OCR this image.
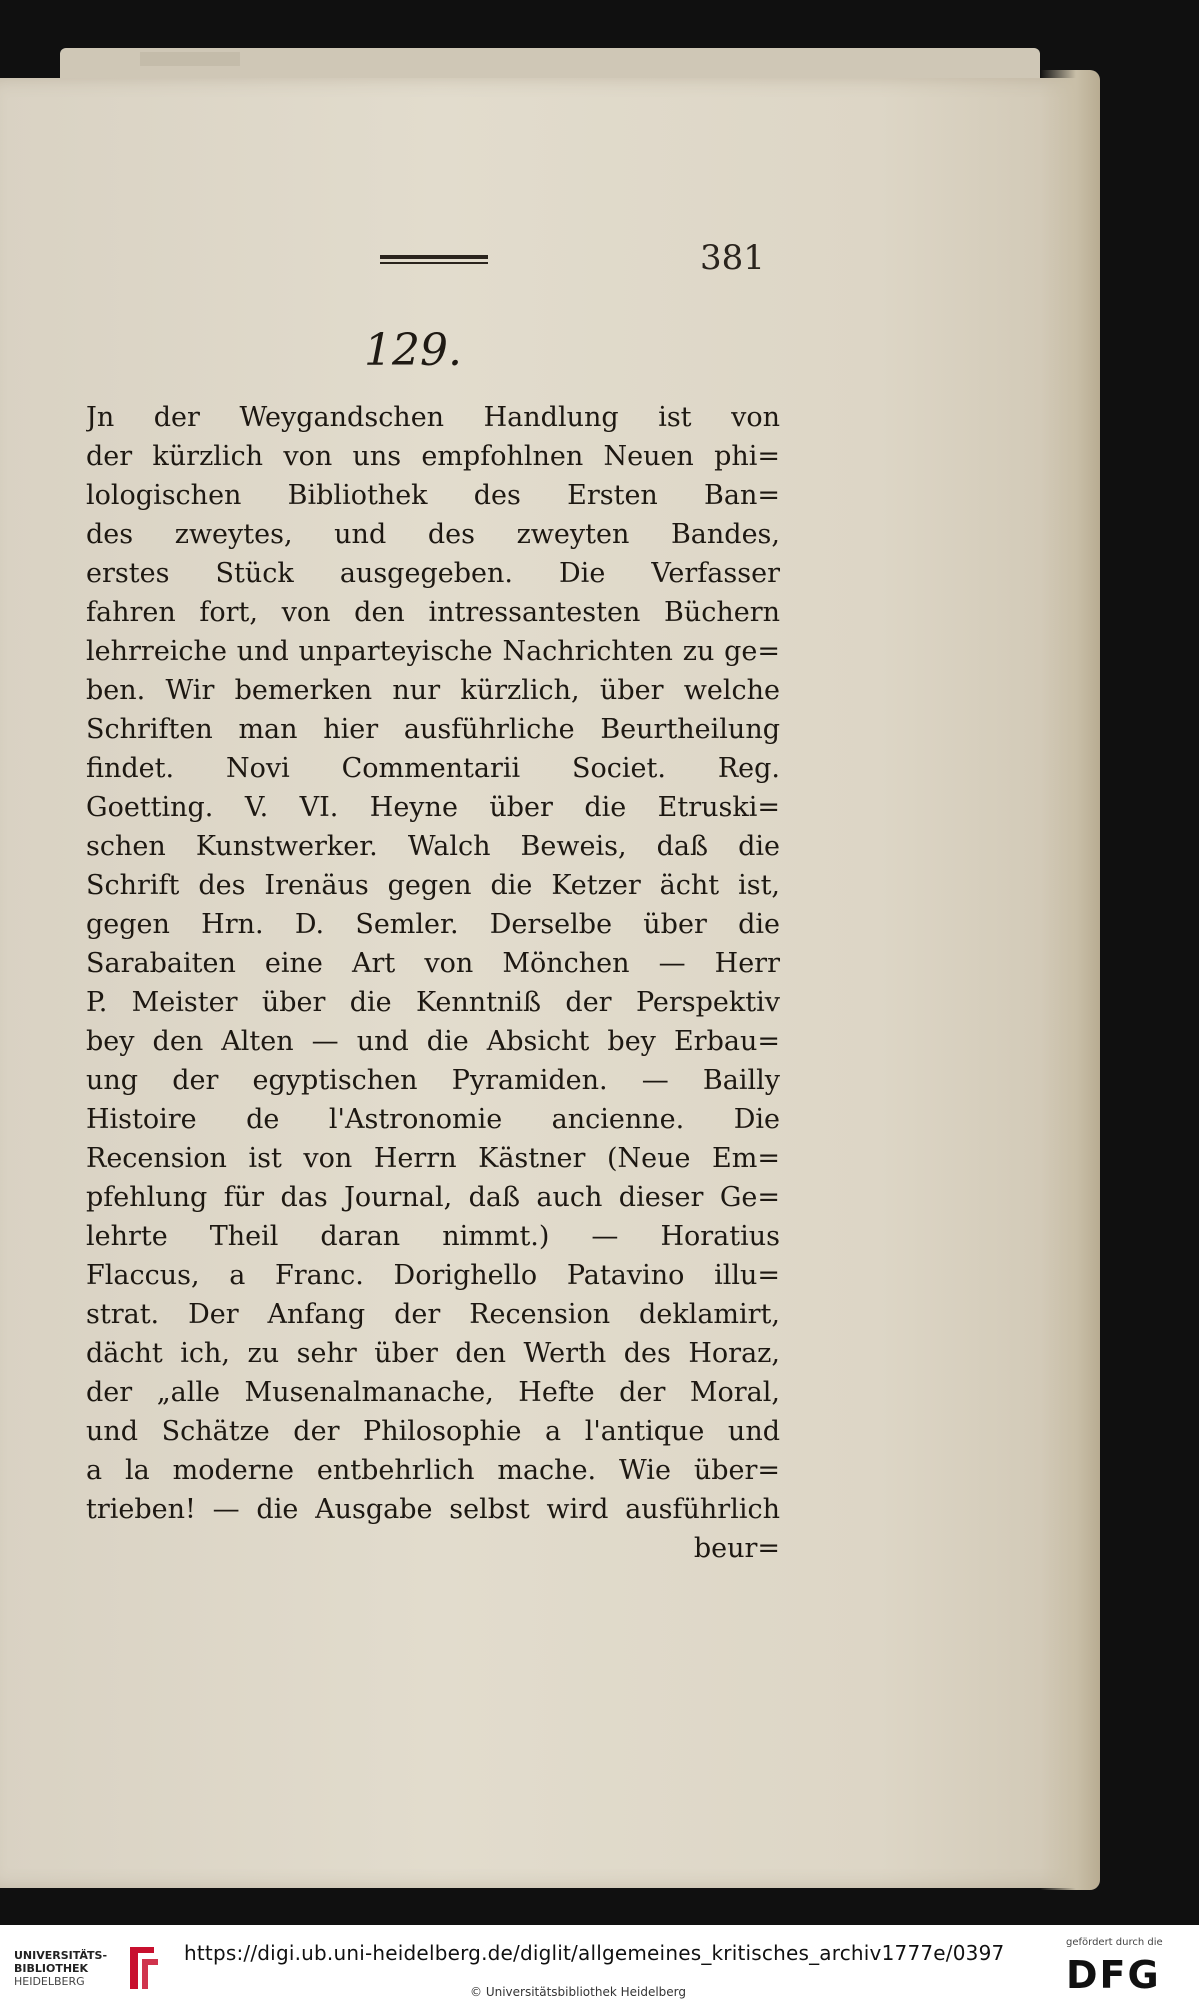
381
129.
Jn der Weygandschen Handlung ist von
der kürzlich von uns empfohlnen Neuen phi=
lologischen Bibliothek des Ersten Ban=
des zweytes, und des zweyten Bandes,
erstes Stück ausgegeben. Die Verfasser
fahren fort, von den intressantesten Büchern
lehrreiche und unparteyische Nachrichten zu ge=
ben. Wir bemerken nur kürzlich, über welche
Schriften man hier ausführliche Beurtheilung
findet. Novi Commentarii Societ. Reg.
Goetting. V. VI. Heyne über die Etruski=
schen Kunstwerker. Walch Beweis, daß die
Schrift des Irenäus gegen die Ketzer ächt ist,
gegen Hrn. D. Semler. Derselbe über die
Sarabaiten eine Art von Mönchen — Herr
P. Meister über die Kenntniß der Perspektiv
bey den Alten — und die Absicht bey Erbau=
ung der egyptischen Pyramiden. — Bailly
Histoire de l'Astronomie ancienne. Die
Recension ist von Herrn Kästner (Neue Em=
pfehlung für das Journal, daß auch dieser Ge=
lehrte Theil daran nimmt.) — Horatius
Flaccus, a Franc. Dorighello Patavino illu=
strat. Der Anfang der Recension deklamirt,
dächt ich, zu sehr über den Werth des Horaz,
der „alle Musenalmanache, Hefte der Moral,
und Schätze der Philosophie a l'antique und
a la moderne entbehrlich mache. Wie über=
trieben! — die Ausgabe selbst wird ausführlich
beur=
UNIVERSITÄTS-
BIBLIOTHEK
HEIDELBERG
https://digi.ub.uni-heidelberg.de/diglit/allgemeines_kritisches_archiv1777e/0397
© Universitätsbibliothek Heidelberg
gefördert durch die
DFG
